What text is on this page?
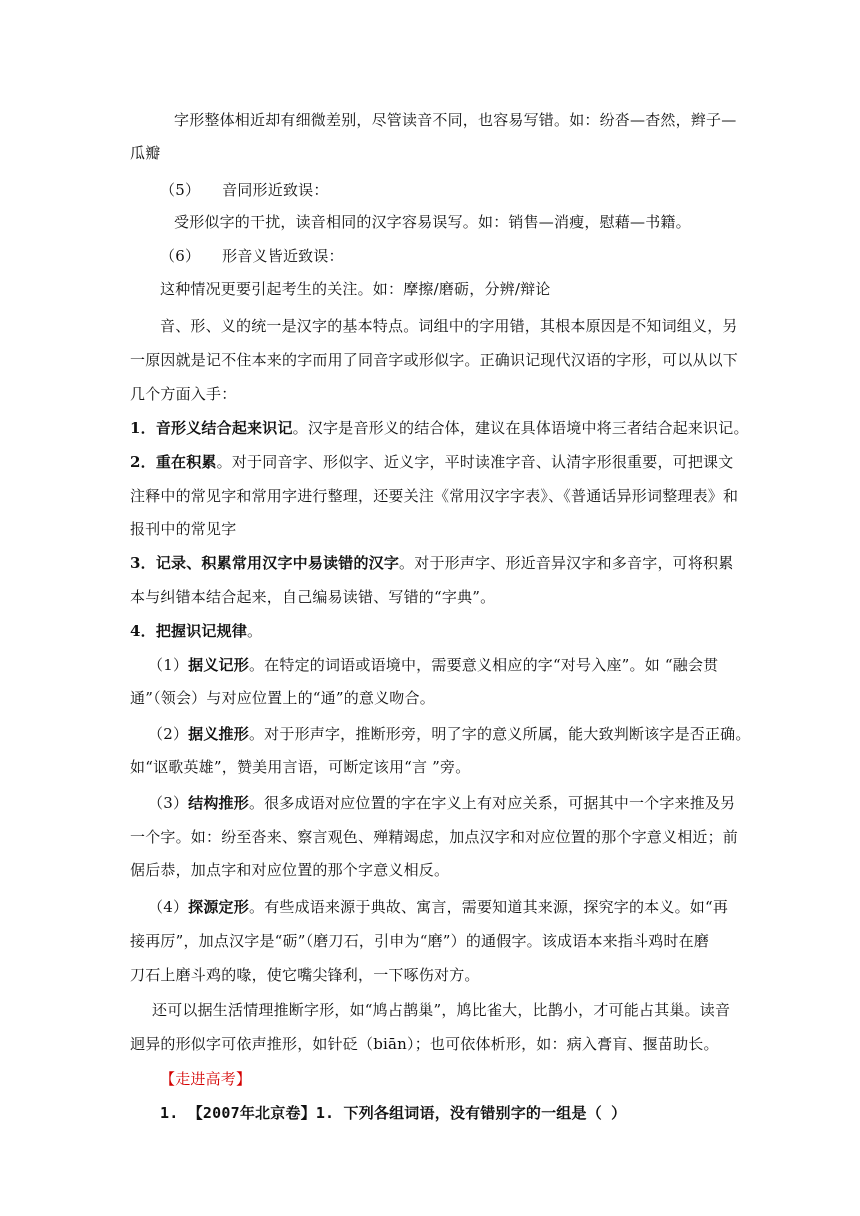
字形整体相近却有细微差别，尽管读音不同，也容易写错。如：纷沓—杳然，辫子—
瓜瓣
（5） 音同形近致误：
受形似字的干扰，读音相同的汉字容易误写。如：销售—消瘦，慰藉—书籍。
（6） 形音义皆近致误：
这种情况更要引起考生的关注。如：摩擦/磨砺，分辨/辩论
音、形、义的统一是汉字的基本特点。词组中的字用错，其根本原因是不知词组义，另
一原因就是记不住本来的字而用了同音字或形似字。正确识记现代汉语的字形，可以从以下
几个方面入手：
1．音形义结合起来识记。汉字是音形义的结合体，建议在具体语境中将三者结合起来识记。
2．重在积累。对于同音字、形似字、近义字，平时读准字音、认清字形很重要，可把课文
注释中的常见字和常用字进行整理，还要关注《常用汉字字表》、《普通话异形词整理表》和
报刊中的常见字
3．记录、积累常用汉字中易读错的汉字。对于形声字、形近音异汉字和多音字，可将积累
本与纠错本结合起来，自己编易读错、写错的“字典”。
4．把握识记规律。
（1）据义记形。在特定的词语或语境中，需要意义相应的字“对号入座”。如 “融会贯
通”（领会）与对应位置上的“通”的意义吻合。
（2）据义推形。对于形声字，推断形旁，明了字的意义所属，能大致判断该字是否正确。
如“讴歌英雄”，赞美用言语，可断定该用“言 ”旁。
（3）结构推形。很多成语对应位置的字在字义上有对应关系，可据其中一个字来推及另
一个字。如：纷至沓来、察言观色、殚精竭虑，加点汉字和对应位置的那个字意义相近；前
倨后恭，加点字和对应位置的那个字意义相反。
（4）探源定形。有些成语来源于典故、寓言，需要知道其来源，探究字的本义。如“再
接再厉”，加点汉字是“砺”（磨刀石，引申为“磨”）的通假字。该成语本来指斗鸡时在磨
刀石上磨斗鸡的喙，使它嘴尖锋利，一下啄伤对方。
还可以据生活情理推断字形，如“鸠占鹊巢”，鸠比雀大，比鹊小，才可能占其巢。读音
迥异的形似字可依声推形，如针砭（biān）；也可依体析形，如：病入膏肓、揠苗助长。
【走进高考】
1. 【2007年北京卷】1. 下列各组词语，没有错别字的一组是（ ）
